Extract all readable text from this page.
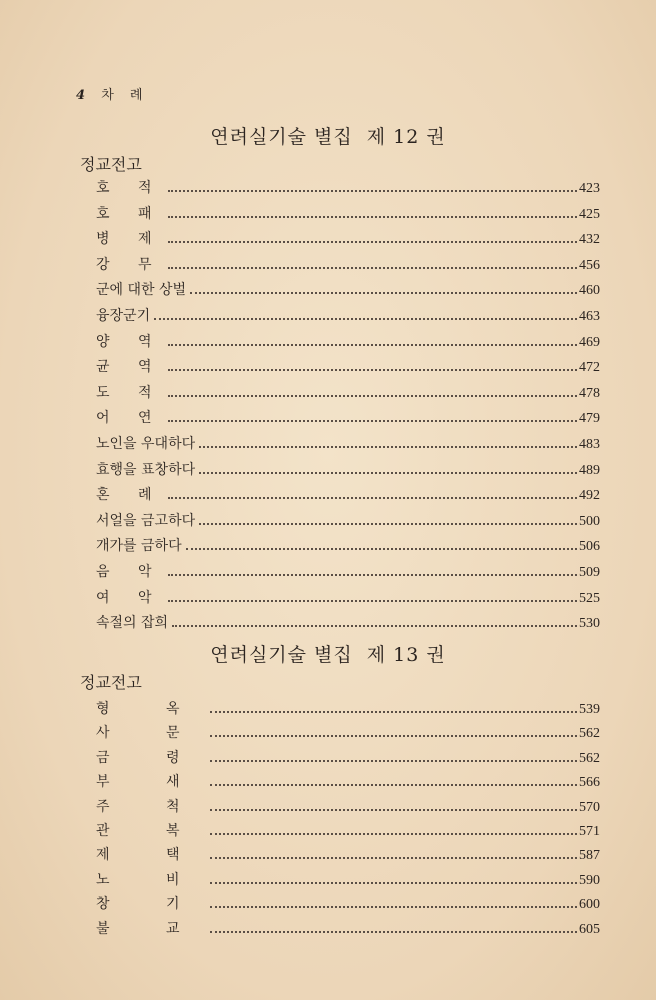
4 차 례
연려실기술 별집 제 12 권
정교전고
호 적	423
호 패	425
병 제	432
강 무	456
군에 대한 상벌	460
융장군기	463
양 역	469
균 역	472
도 적	478
어 연	479
노인을 우대하다	483
효행을 표창하다	489
혼 례	492
서얼을 금고하다	500
개가를 금하다	506
음 악	509
여 악	525
속절의 잡희	530
연려실기술 별집 제 13 권
정교전고
형 옥	539
사 문	562
금 령	562
부 새	566
주 척	570
관 복	571
제 택	587
노 비	590
창 기	600
불 교	605
